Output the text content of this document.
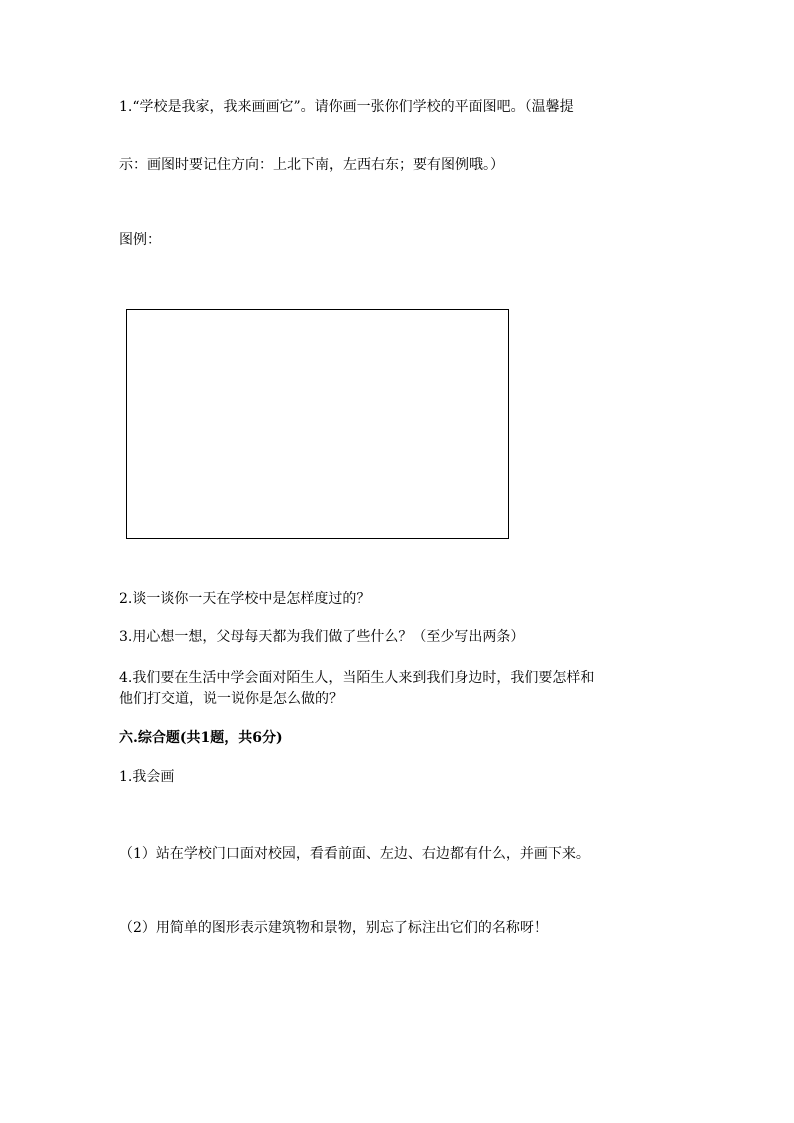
1.“学校是我家，我来画画它”。请你画一张你们学校的平面图吧。（温馨提
示：画图时要记住方向：上北下南，左西右东；要有图例哦。）
图例：
2.谈一谈你一天在学校中是怎样度过的？
3.用心想一想，父母每天都为我们做了些什么？（至少写出两条）
4.我们要在生活中学会面对陌生人，当陌生人来到我们身边时，我们要怎样和
他们打交道，说一说你是怎么做的？
六.综合题(共1题，共6分)
1.我会画
（1）站在学校门口面对校园，看看前面、左边、右边都有什么，并画下来。
（2）用简单的图形表示建筑物和景物，别忘了标注出它们的名称呀！
